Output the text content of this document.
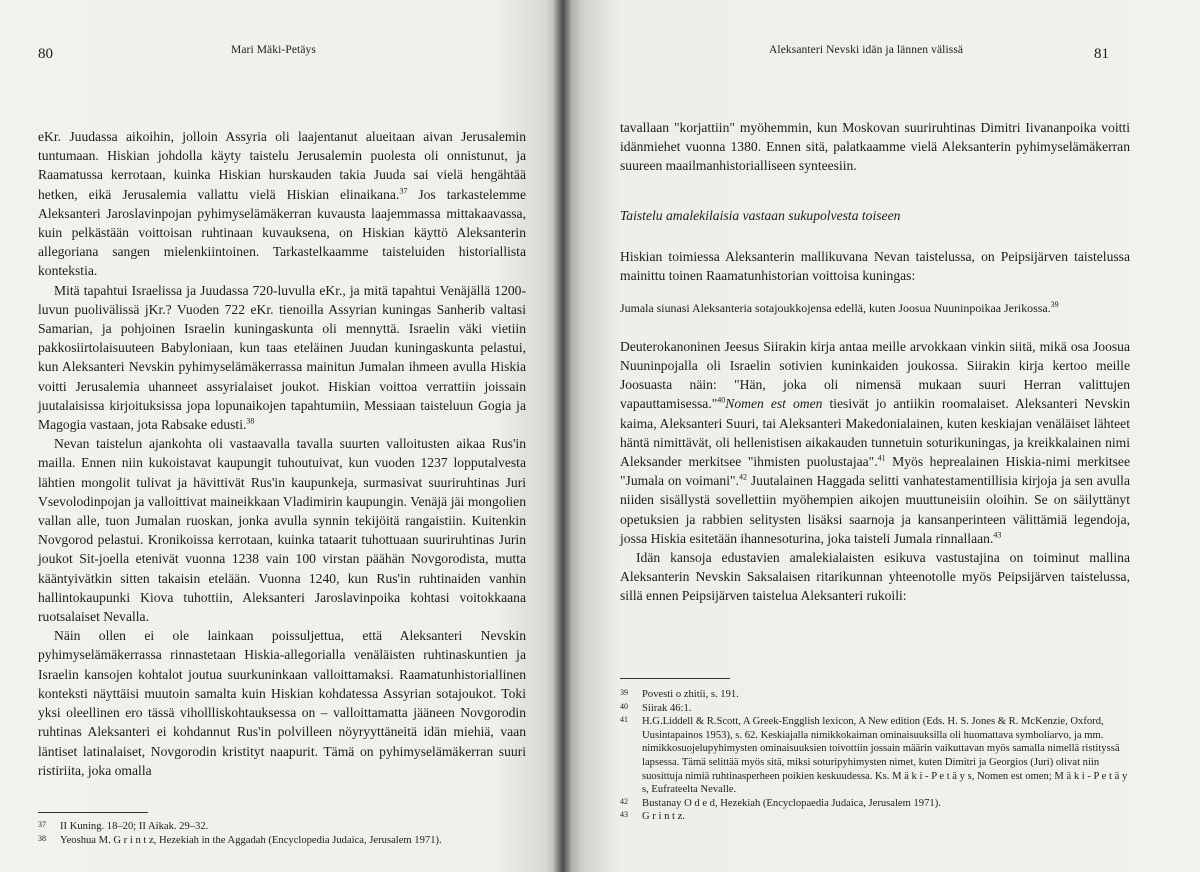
80	Mari Mäki-Petäys

eKr. Juudassa aikoihin, jolloin Assyria oli laajentanut alueitaan aivan Jerusalemin tuntumaan. Hiskian johdolla käyty taistelu Jerusalemin puolesta oli onnistunut, ja Raamatussa kerrotaan, kuinka Hiskian hurskauden takia Juuda sai vielä hengähtää hetken, eikä Jerusalemia vallattu vielä Hiskian elinaikana.$^{37}$ Jos tarkastelemme Aleksanteri Jaroslavinpojan pyhimyselämäkerran kuvausta laajemmassa mittakaavassa, kuin pelkästään voittoisan ruhtinaan kuvauksena, on Hiskian käyttö Aleksanterin allegoriana sangen mielenkiintoinen. Tarkastelkaamme taisteluiden historiallista kontekstia.

Mitä tapahtui Israelissa ja Juudassa 720-luvulla eKr., ja mitä tapahtui Venäjällä 1200-luvun puolivälissä jKr.? Vuoden 722 eKr. tienoilla Assyrian kuningas Sanherib valtasi Samarian, ja pohjoinen Israelin kuningaskunta oli mennyttä. Israelin väki vietiin pakkosiirtolaisuuteen Babyloniaan, kun taas eteläinen Juudan kuningaskunta pelastui, kun Aleksanteri Nevskin pyhimyselämäkerrassa mainitun Jumalan ihmeen avulla Hiskia voitti Jerusalemia uhanneet assyrialaiset joukot. Hiskian voittoa verrattiin joissain juutalaisissa kirjoituksissa jopa lopunaikojen tapahtumiin, Messiaan taisteluun Gogia ja Magogia vastaan, jota Rabsake edusti.$^{38}$

Nevan taistelun ajankohta oli vastaavalla tavalla suurten valloitusten aikaa Rus'in mailla. Ennen niin kukoistavat kaupungit tuhoutuivat, kun vuoden 1237 lopputalvesta lähtien mongolit tulivat ja hävittivät Rus'in kaupunkeja, surmasivat suuriruhtinas Juri Vsevolodinpojan ja valloittivat maineikkaan Vladimirin kaupungin. Venäjä jäi mongolien vallan alle, tuon Jumalan ruoskan, jonka avulla synnin tekijöitä rangaistiin. Kuitenkin Novgorod pelastui. Kronikoissa kerrotaan, kuinka tataarit tuhottuaan suuriruhtinas Jurin joukot Sit-joella etenivät vuonna 1238 vain 100 virstan päähän Novgorodista, mutta kääntyivätkin sitten takaisin etelään. Vuonna 1240, kun Rus'in ruhtinaiden vanhin hallintokaupunki Kiova tuhottiin, Aleksanteri Jaroslavinpoika kohtasi voitokkaana ruotsalaiset Nevalla.

Näin ollen ei ole lainkaan poissuljettua, että Aleksanteri Nevskin pyhimyselämäkerrassa rinnastetaan Hiskia-allegorialla venäläisten ruhtinaskuntien ja Israelin kansojen kohtalot joutua suurkuninkaan valloittamaksi. Raamatunhistoriallinen konteksti näyttäisi muutoin samalta kuin Hiskian kohdatessa Assyrian sotajoukot. Toki yksi oleellinen ero tässä vihollliskohtauksessa on – valloittamatta jääneen Novgorodin ruhtinas Aleksanteri ei kohdannut Rus'in polvilleen nöyryyttäneitä idän miehiä, vaan läntiset latinalaiset, Novgorodin kristityt naapurit. Tämä on pyhimyselämäkerran suuri ristiriita, joka omalla

37	II Kuning. 18–20; II Aikak. 29–32.
38	Yeoshua M. G r i n t z, Hezekiah in the Aggadah (Encyclopedia Judaica, Jerusalem 1971).
Aleksanteri Nevski idän ja lännen välissä	81

tavallaan "korjattiin" myöhemmin, kun Moskovan suuriruhtinas Dimitri Iivananpoika voitti idänmiehet vuonna 1380. Ennen sitä, palatkaamme vielä Aleksanterin pyhimyselämäkerran suureen maailmanhistorialliseen synteesiin.

Taistelu amalekilaisia vastaan sukupolvesta toiseen

Hiskian toimiessa Aleksanterin mallikuvana Nevan taistelussa, on Peipsijärven taistelussa mainittu toinen Raamatunhistorian voittoisa kuningas:

Jumala siunasi Aleksanteria sotajoukkojensa edellä, kuten Joosua Nuuninpoikaa Jerikossa.$^{39}$

Deuterokanoninen Jeesus Siirakin kirja antaa meille arvokkaan vinkin siitä, mikä osa Joosua Nuuninpojalla oli Israelin sotivien kuninkaiden joukossa. Siirakin kirja kertoo meille Joosuasta näin: "Hän, joka oli nimensä mukaan suuri Herran valittujen vapauttamisessa."$^{40}$Nomen est omen tiesivät jo antiikin roomalaiset. Aleksanteri Nevskin kaima, Aleksanteri Suuri, tai Aleksanteri Makedonialainen, kuten keskiajan venäläiset lähteet häntä nimittävät, oli hellenistisen aikakauden tunnetuin soturikuningas, ja kreikkalainen nimi Aleksander merkitsee "ihmisten puolustajaa".$^{41}$ Myös heprealainen Hiskia-nimi merkitsee "Jumala on voimani".$^{42}$ Juutalainen Haggada selitti vanhatestamentillisia kirjoja ja sen avulla niiden sisällystä sovellettiin myöhempien aikojen muuttuneisiin oloihin. Se on säilyttänyt opetuksien ja rabbien selitysten lisäksi saarnoja ja kansanperinteen välittämiä legendoja, jossa Hiskia esitetään ihannesoturina, joka taisteli Jumala rinnallaan.$^{43}$

Idän kansoja edustavien amalekialaisten esikuva vastustajina on toiminut mallina Aleksanterin Nevskin Saksalaisen ritarikunnan yhteenotolle myös Peipsijärven taistelussa, sillä ennen Peipsijärven taistelua Aleksanteri rukoili:

39	Povesti o zhitii, s. 191.
40	Siirak 46:1.
41	H.G.Liddell & R.Scott, A Greek-Engglish lexicon, A New edition (Eds. H. S. Jones & R. McKenzie, Oxford, Uusintapainos 1953), s. 62. Keskiajalla nimikkokaiman ominaisuuksilla oli huomattava symboliarvo, ja mm. nimikkosuojelupyhimysten ominaisuuksien toivottiin jossain määrin vaikuttavan myös samalla nimellä ristityssä lapsessa. Tämä selittää myös sitä, miksi soturipyhimysten nimet, kuten Dimitri ja Georgios (Juri) olivat niin suosittuja nimiä ruhtinasperheen poikien keskuudessa. Ks. M ä k i - P e t ä y s, Nomen est omen; M ä k i - P e t ä y s, Eufrateelta Nevalle.
42	Bustanay O d e d, Hezekiah (Encyclopaedia Judaica, Jerusalem 1971).
43	G r i n t z.
